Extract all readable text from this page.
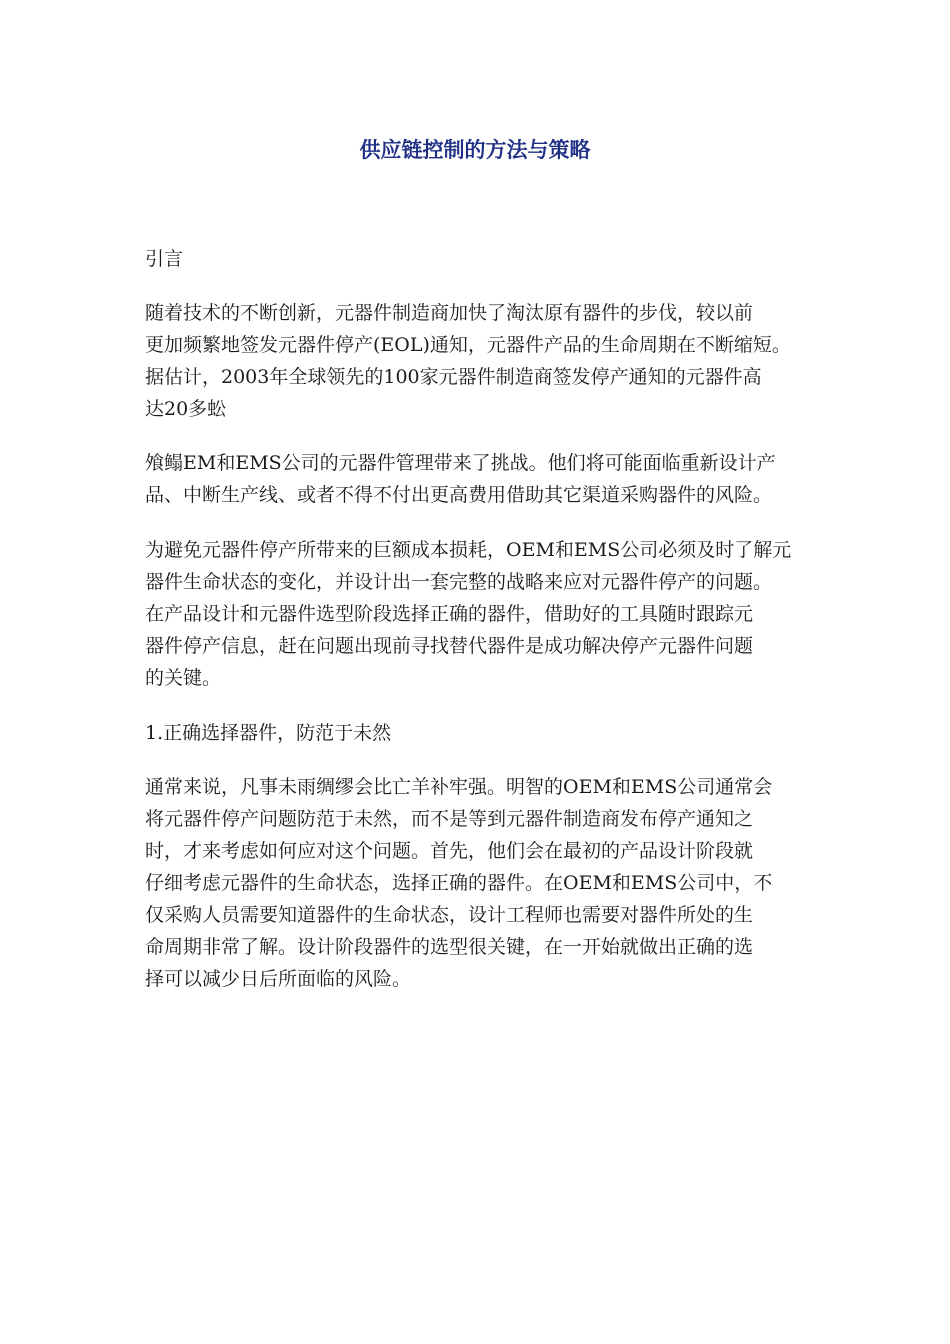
供应链控制的方法与策略

引言

随着技术的不断创新，元器件制造商加快了淘汰原有器件的步伐，较以前
更加频繁地签发元器件停产(EOL)通知，元器件产品的生命周期在不断缩短。
据估计，2003年全球领先的100家元器件制造商签发停产通知的元器件高
达20多蚣

飧鳎EM和EMS公司的元器件管理带来了挑战。他们将可能面临重新设计产
品、中断生产线、或者不得不付出更高费用借助其它渠道采购器件的风险。

为避免元器件停产所带来的巨额成本损耗，OEM和EMS公司必须及时了解元
器件生命状态的变化，并设计出一套完整的战略来应对元器件停产的问题。
在产品设计和元器件选型阶段选择正确的器件，借助好的工具随时跟踪元
器件停产信息，赶在问题出现前寻找替代器件是成功解决停产元器件问题
的关键。

1.正确选择器件，防范于未然

通常来说，凡事未雨绸缪会比亡羊补牢强。明智的OEM和EMS公司通常会
将元器件停产问题防范于未然，而不是等到元器件制造商发布停产通知之
时，才来考虑如何应对这个问题。首先，他们会在最初的产品设计阶段就
仔细考虑元器件的生命状态，选择正确的器件。在OEM和EMS公司中，不
仅采购人员需要知道器件的生命状态，设计工程师也需要对器件所处的生
命周期非常了解。设计阶段器件的选型很关键，在一开始就做出正确的选
择可以减少日后所面临的风险。
